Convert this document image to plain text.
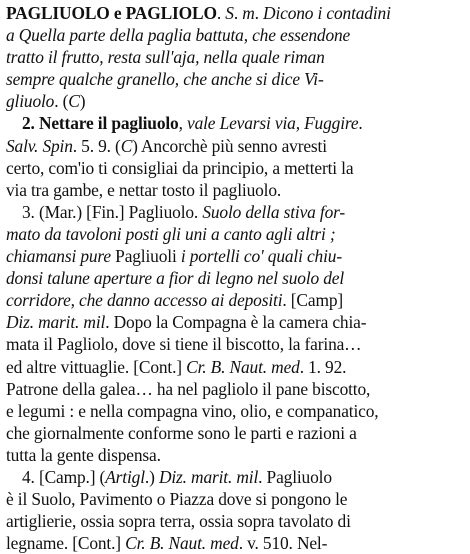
PAGLIUOLO e PAGLIOLO. S. m. Dicono i contadini
a Quella parte della paglia battuta, che essendone
tratto il frutto, resta sull'aja, nella quale riman
sempre qualche granello, che anche si dice Vi-
gliuolo. (C)
2. Nettare il pagliuolo, vale Levarsi via, Fuggire.
Salv. Spin. 5. 9. (C) Ancorchè più senno avresti
certo, com'io ti consigliai da principio, a metterti la
via tra gambe, e nettar tosto il pagliuolo.
3. (Mar.) [Fin.] Pagliuolo. Suolo della stiva for-
mato da tavoloni posti gli uni a canto agli altri ;
chiamansi pure Pagliuoli i portelli co' quali chiu-
donsi talune aperture a fior di legno nel suolo del
corridore, che danno accesso ai depositi. [Camp]
Diz. marit. mil. Dopo la Compagna è la camera chia-
mata il Pagliolo, dove si tiene il biscotto, la farina…
ed altre vittuaglie. [Cont.] Cr. B. Naut. med. 1. 92.
Patrone della galea… ha nel pagliolo il pane biscotto,
e legumi : e nella compagna vino, olio, e companatico,
che giornalmente conforme sono le parti e razioni a
tutta la gente dispensa.
4. [Camp.] (Artigl.) Diz. marit. mil. Pagliuolo
è il Suolo, Pavimento o Piazza dove si pongono le
artiglierie, ossia sopra terra, ossia sopra tavolato di
legname. [Cont.] Cr. B. Naut. med. v. 510. Nel-
